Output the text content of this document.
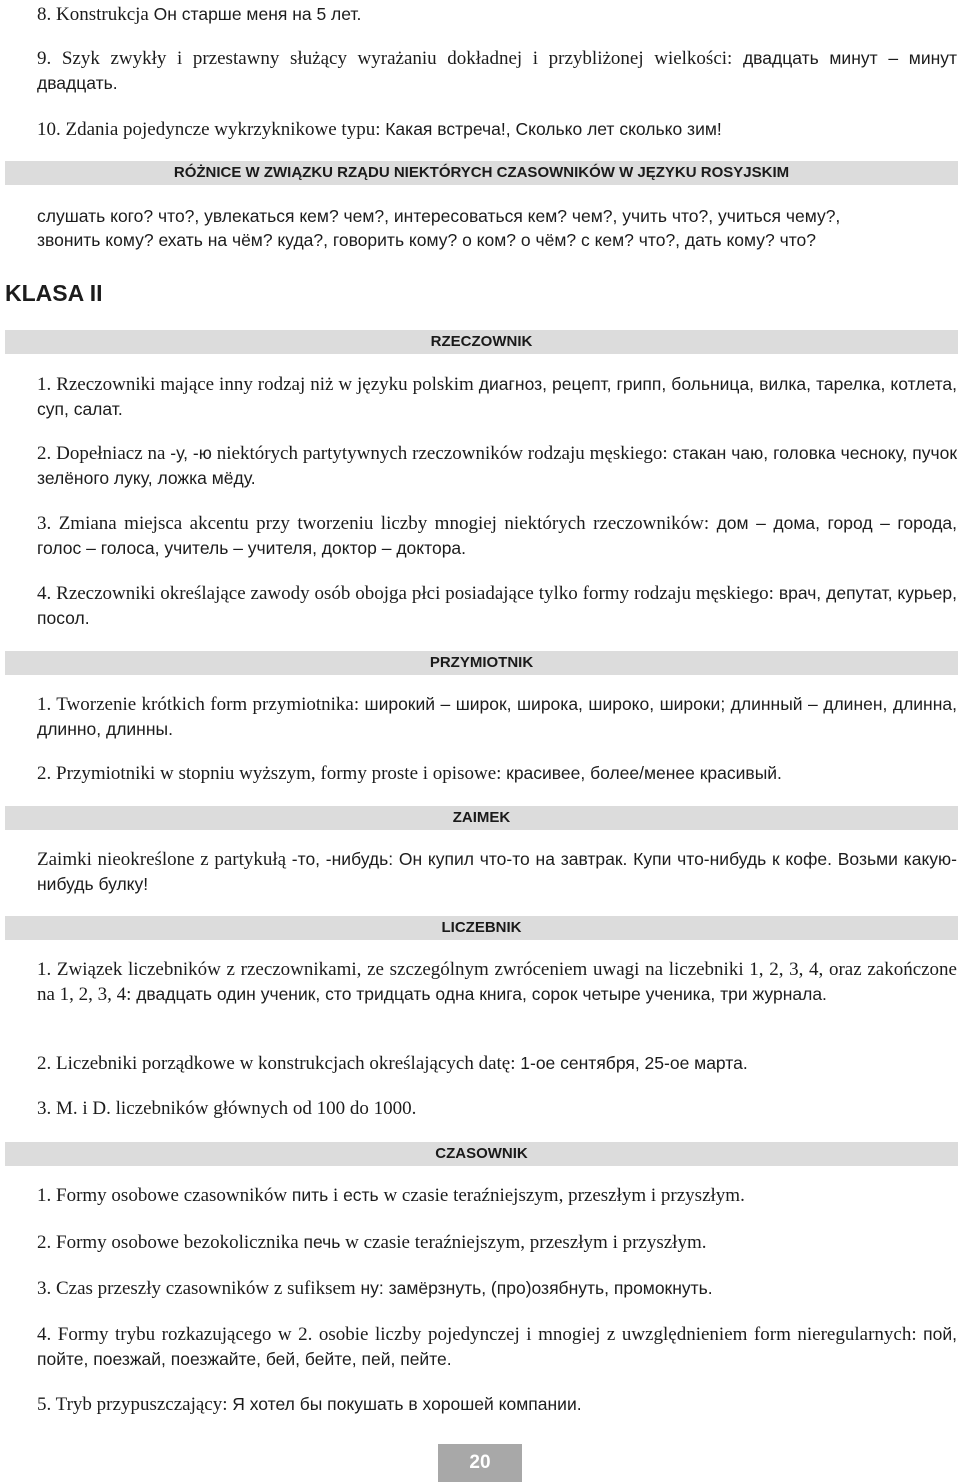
8. Konstrukcja Он старше меня на 5 лет.
9. Szyk zwykły i przestawny służący wyrażaniu dokładnej i przybliżonej wielkości: двадцать минут – минут двадцать.
10. Zdania pojedyncze wykrzyknikowe typu: Какая встреча!, Сколько лет сколько зим!
RÓŻNICE W ZWIĄZKU RZĄDU NIEKTÓRYCH CZASOWNIKÓW W JĘZYKU ROSYJSKIM
слушать кого? что?, увлекаться кем? чем?, интересоваться кем? чем?, учить что?, учиться чему?,
звонить кому? ехать на чём? куда?, говорить кому? о ком? о чём? с кем? что?, дать кому? что?
KLASA II
RZECZOWNIK
1. Rzeczowniki mające inny rodzaj niż w języku polskim диагноз, рецепт, грипп, больница, вилка, тарелка, котлета, суп, салат.
2. Dopełniacz na -у, -ю niektórych partytywnych rzeczowników rodzaju męskiego: стакан чаю, головка чесноку, пучок зелёного луку, ложка мёду.
3. Zmiana miejsca akcentu przy tworzeniu liczby mnogiej niektórych rzeczowników: дом – дома, город – города, голос – голоса, учитель – учителя, доктор – доктора.
4. Rzeczowniki określające zawody osób obojga płci posiadające tylko formy rodzaju męskiego: врач, депутат, курьер, посол.
PRZYMIOTNIK
1. Tworzenie krótkich form przymiotnika: широкий – широк, широка, широко, широки; длинный – длинен, длинна, длинно, длинны.
2. Przymiotniki w stopniu wyższym, formy proste i opisowe: красивее, более/менее красивый.
ZAIMEK
Zaimki nieokreślone z partykułą -то, -нибудь: Он купил что-то на завтрак. Купи что-нибудь к кофе. Возьми какую-нибудь булку!
LICZEBNIK
1. Związek liczebników z rzeczownikami, ze szczególnym zwróceniem uwagi na liczebniki 1, 2, 3, 4, oraz zakończone na 1, 2, 3, 4: двадцать один ученик, сто тридцать одна книга, сорок четыре ученика, три журнала.
2. Liczebniki porządkowe w konstrukcjach określających datę: 1-ое сентября, 25-ое марта.
3. M. i D. liczebników głównych od 100 do 1000.
CZASOWNIK
1. Formy osobowe czasowników пить i есть w czasie teraźniejszym, przeszłym i przyszłym.
2. Formy osobowe bezokolicznika печь w czasie teraźniejszym, przeszłym i przyszłym.
3. Czas przeszły czasowników z sufiksem ну: замёрзнуть, (про)озябнуть, промокнуть.
4. Formy trybu rozkazującego w 2. osobie liczby pojedynczej i mnogiej z uwzględnieniem form nieregularnych: пой, пойте, поезжай, поезжайте, бей, бейте, пей, пейте.
5. Tryb przypuszczający: Я хотел бы покушать в хорошей компании.
20
